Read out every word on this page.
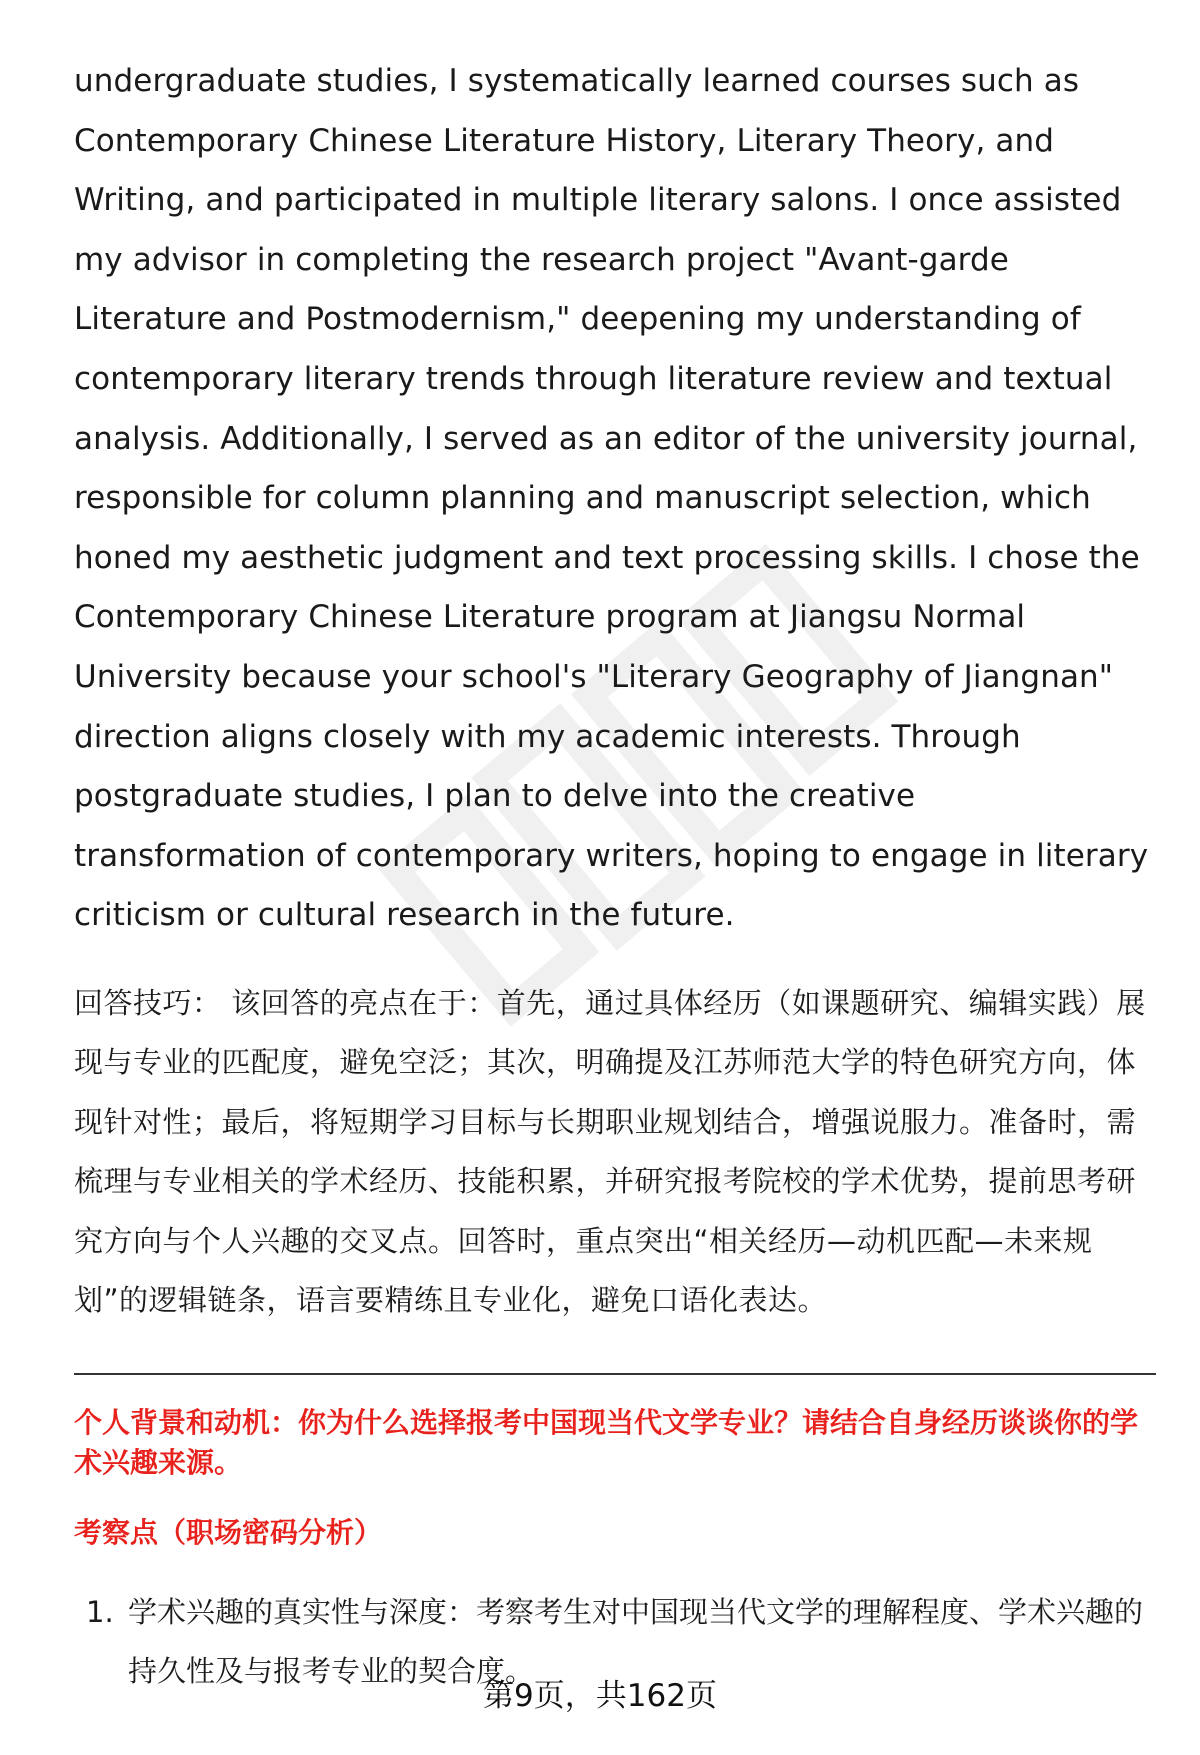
undergraduate studies, I systematically learned courses such as Contemporary Chinese Literature History, Literary Theory, and Writing, and participated in multiple literary salons. I once assisted my advisor in completing the research project "Avant-garde Literature and Postmodernism," deepening my understanding of contemporary literary trends through literature review and textual analysis. Additionally, I served as an editor of the university journal, responsible for column planning and manuscript selection, which honed my aesthetic judgment and text processing skills. I chose the Contemporary Chinese Literature program at Jiangsu Normal University because your school's "Literary Geography of Jiangnan" direction aligns closely with my academic interests. Through postgraduate studies, I plan to delve into the creative transformation of contemporary writers, hoping to engage in literary criticism or cultural research in the future.

回答技巧： 该回答的亮点在于：首先，通过具体经历（如课题研究、编辑实践）展现与专业的匹配度，避免空泛；其次，明确提及江苏师范大学的特色研究方向，体现针对性；最后，将短期学习目标与长期职业规划结合，增强说服力。准备时，需梳理与专业相关的学术经历、技能积累，并研究报考院校的学术优势，提前思考研究方向与个人兴趣的交叉点。回答时，重点突出“相关经历—动机匹配—未来规划”的逻辑链条，语言要精练且专业化，避免口语化表达。

个人背景和动机：你为什么选择报考中国现当代文学专业？请结合自身经历谈谈你的学术兴趣来源。
考察点（职场密码分析）
1. 学术兴趣的真实性与深度：考察考生对中国现当代文学的理解程度、学术兴趣的持久性及与报考专业的契合度。
第9页，共162页
